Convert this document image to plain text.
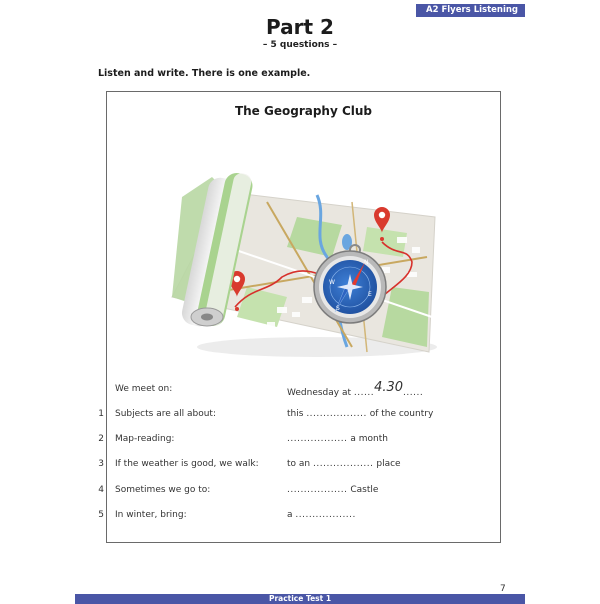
A2 Flyers Listening
Part 2
– 5 questions –
Listen and write. There is one example.
The Geography Club
N
W
E
S
We meet on:	Wednesday at ......4.30......
1 Subjects are all about:	this .................. of the country
2 Map-reading:	.................. a month
3 If the weather is good, we walk:	to an .................. place
4 Sometimes we go to:	.................. Castle
5 In winter, bring:	a ..................
7
Practice Test 1
